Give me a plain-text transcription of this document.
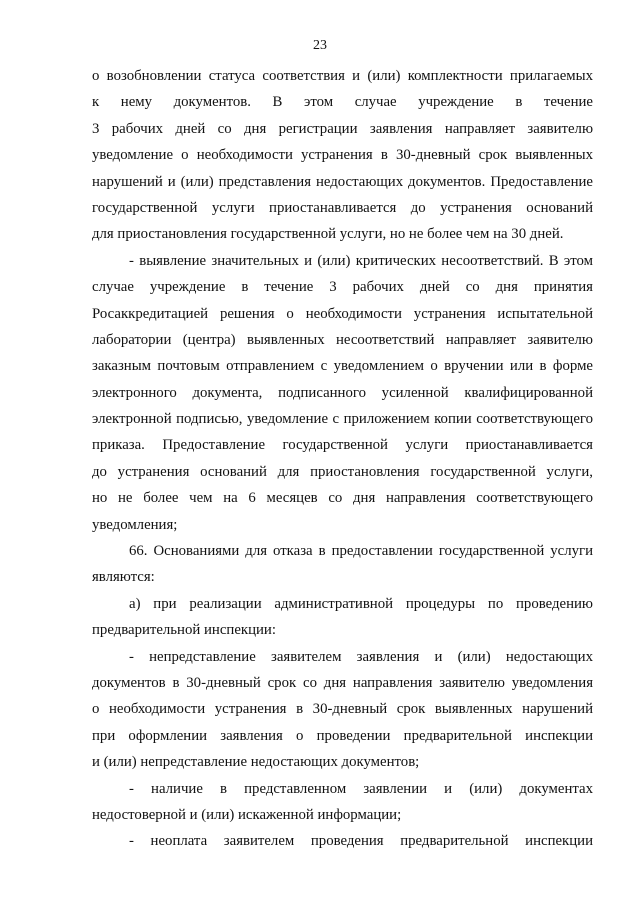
23
о возобновлении статуса соответствия и (или) комплектности прилагаемых
к нему документов. В этом случае учреждение в течение
3 рабочих дней со дня регистрации заявления направляет заявителю
уведомление о необходимости устранения в 30-дневный срок выявленных
нарушений и (или) представления недостающих документов. Предоставление
государственной услуги приостанавливается до устранения оснований
для приостановления государственной услуги, но не более чем на 30 дней.
- выявление значительных и (или) критических несоответствий. В этом
случае учреждение в течение 3 рабочих дней со дня принятия
Росаккредитацией решения о необходимости устранения испытательной
лаборатории (центра) выявленных несоответствий направляет заявителю
заказным почтовым отправлением с уведомлением о вручении или в форме
электронного документа, подписанного усиленной квалифицированной
электронной подписью, уведомление с приложением копии соответствующего
приказа. Предоставление государственной услуги приостанавливается
до устранения оснований для приостановления государственной услуги,
но не более чем на 6 месяцев со дня направления соответствующего
уведомления;
66. Основаниями для отказа в предоставлении государственной услуги
являются:
а) при реализации административной процедуры по проведению
предварительной инспекции:
- непредставление заявителем заявления и (или) недостающих
документов в 30-дневный срок со дня направления заявителю уведомления
о необходимости устранения в 30-дневный срок выявленных нарушений
при оформлении заявления о проведении предварительной инспекции
и (или) непредставление недостающих документов;
- наличие в представленном заявлении и (или) документах
недостоверной и (или) искаженной информации;
- неоплата заявителем проведения предварительной инспекции
